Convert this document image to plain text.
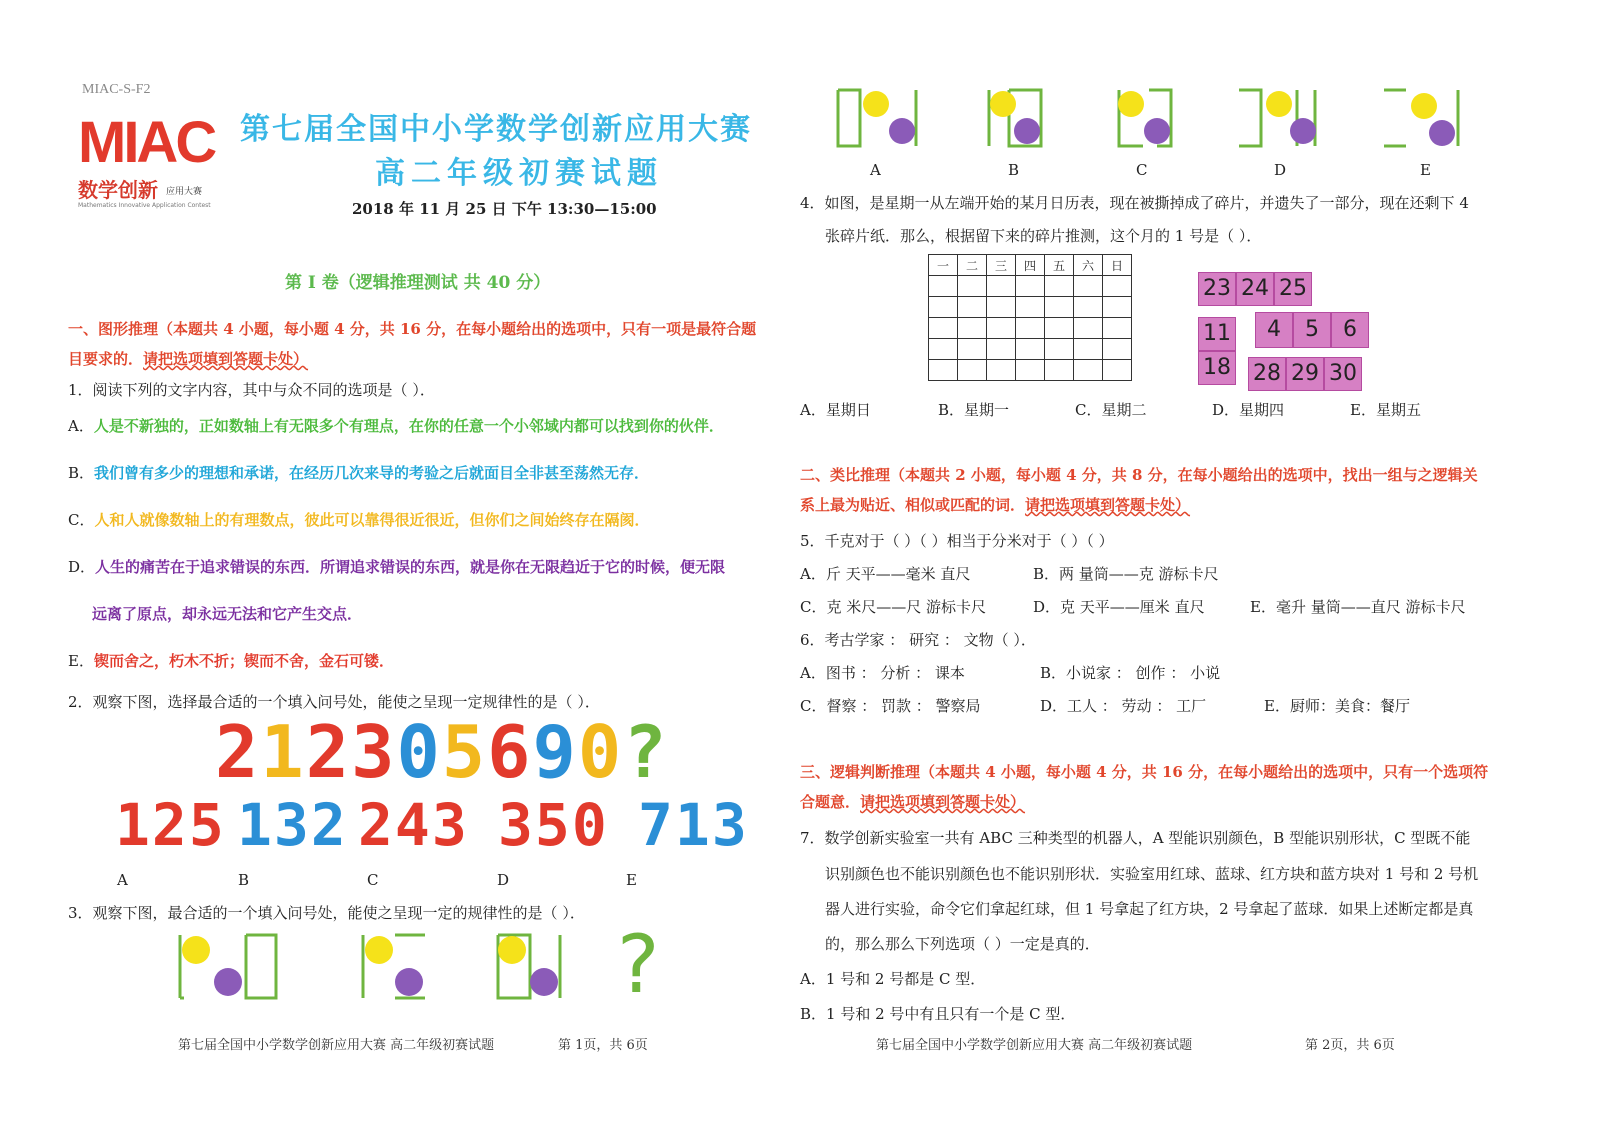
MIAC-S-F2
MIAC
数学创新 应用大赛
Mathematics Innovative Application Contest
第七届全国中小学数学创新应用大赛
高二年级初赛试题
2018 年 11 月 25 日 下午 13:30—15:00
第 I 卷（逻辑推理测试 共 40 分）
一、图形推理（本题共 4 小题，每小题 4 分，共 16 分，在每小题给出的选项中，只有一项是最符合题
目要求的．请把选项填到答题卡处）
1．阅读下列的文字内容，其中与众不同的选项是（ ）．
A．人是不新独的，正如数轴上有无限多个有理点，在你的任意一个小邻域内都可以找到你的伙伴．
B．我们曾有多少的理想和承诺，在经历几次来导的考验之后就面目全非甚至荡然无存．
C．人和人就像数轴上的有理数点，彼此可以靠得很近很近，但你们之间始终存在隔阂．
D．人生的痛苦在于追求错误的东西．所谓追求错误的东西，就是你在无限趋近于它的时候，便无限
远离了原点，却永远无法和它产生交点．
E．锲而舍之，朽木不折；锲而不舍，金石可镂．
2．观察下图，选择最合适的一个填入问号处，能使之呈现一定规律性的是（ ）．
212305690?
125 132 243 350 713
A	B	C	D	E
3．观察下图，最合适的一个填入问号处，能使之呈现一定的规律性的是（ ）．
?
第七届全国中小学数学创新应用大赛 高二年级初赛试题	第 1页，共 6页
A	B	C	D	E
4．如图，是星期一从左端开始的某月日历表，现在被撕掉成了碎片，并遗失了一部分，现在还剩下 4
张碎片纸．那么，根据留下来的碎片推测，这个月的 1 号是（ ）．
一	二	三	四	五	六	日

23 24 25
11
18
4	5	6
28 29 30
A．星期日	B．星期一	C．星期二	D．星期四	E．星期五
二、类比推理（本题共 2 小题，每小题 4 分，共 8 分，在每小题给出的选项中，找出一组与之逻辑关
系上最为贴近、相似或匹配的词．请把选项填到答题卡处）
5．千克对于（ ）（ ）相当于分米对于（ ）（ ）
A．斤 天平——毫米 直尺	B．两 量筒——克 游标卡尺
C．克 米尺——尺 游标卡尺	D．克 天平——厘米 直尺	E．毫升 量筒——直尺 游标卡尺
6．考古学家 ： 研究 ： 文物（ ）．
A．图书 ： 分析 ： 课本	B．小说家 ： 创作 ： 小说
C．督察 ： 罚款 ： 警察局	D．工人 ： 劳动 ： 工厂	E．厨师：美食：餐厅
三、逻辑判断推理（本题共 4 小题，每小题 4 分，共 16 分，在每小题给出的选项中，只有一个选项符
合题意．请把选项填到答题卡处）
7．数学创新实验室一共有 ABC 三种类型的机器人，A 型能识别颜色，B 型能识别形状，C 型既不能
识别颜色也不能识别颜色也不能识别形状．实验室用红球、蓝球、红方块和蓝方块对 1 号和 2 号机
器人进行实验，命令它们拿起红球，但 1 号拿起了红方块，2 号拿起了蓝球．如果上述断定都是真
的，那么那么下列选项（ ）一定是真的．
A．1 号和 2 号都是 C 型．
B．1 号和 2 号中有且只有一个是 C 型．
第七届全国中小学数学创新应用大赛 高二年级初赛试题	第 2页，共 6页
